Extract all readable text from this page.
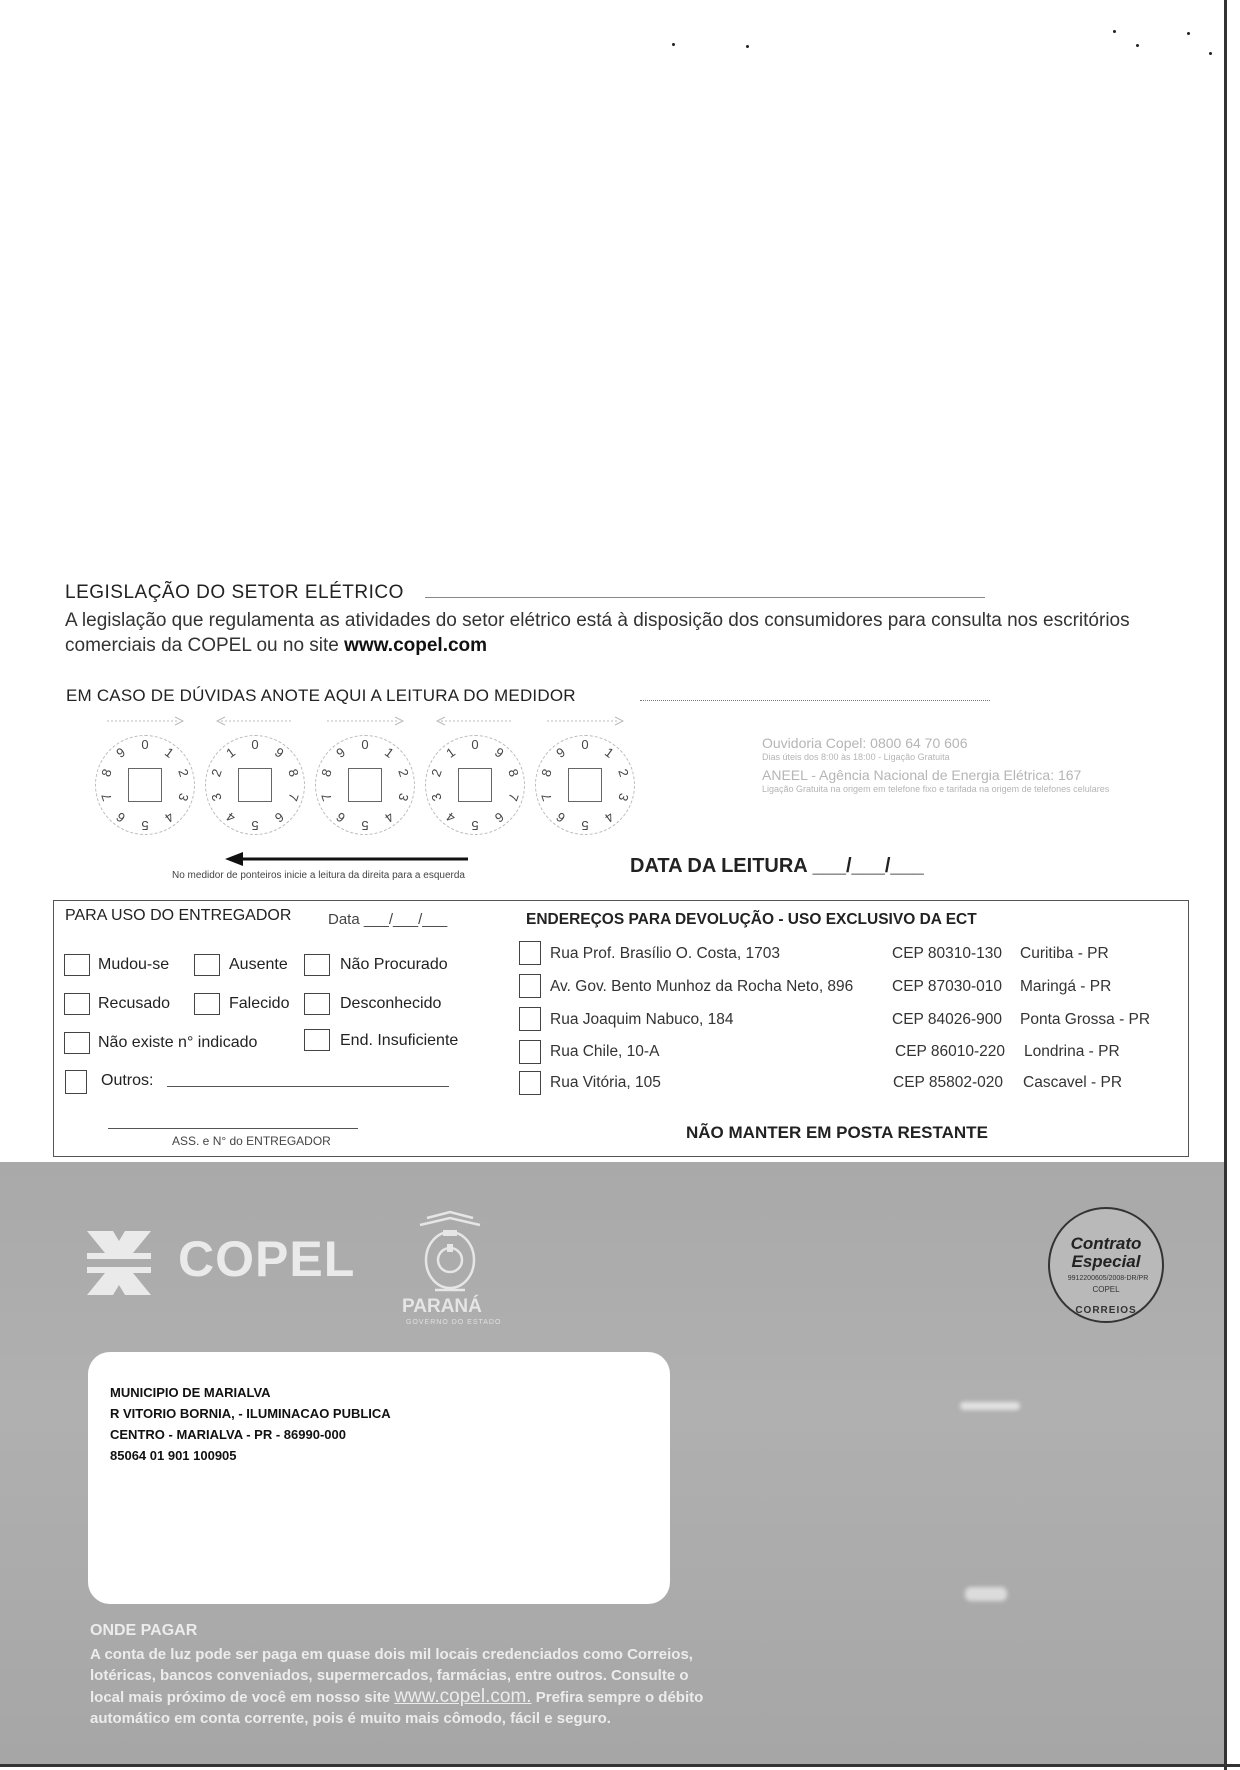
LEGISLAÇÃO DO SETOR ELÉTRICO
A legislação que regulamenta as atividades do setor elétrico está à disposição dos consumidores para consulta nos escritórios comerciais da COPEL ou no site www.copel.com
EM CASO DE DÚVIDAS ANOTE AQUI A LEITURA DO MEDIDOR
0 1
2
3
4
5
6
7
8
9	0
1
2
3
4 5 6
7
8
9	0 1
2
3
4
5
6
7
8
9	0
1
2
3
4 5 6
7
8
9	0 1
2
3
4
5
6
7
8
9
No medidor de ponteiros inicie a leitura da direita para a esquerda
Ouvidoria Copel: 0800 64 70 606
Dias úteis dos 8:00 às 18:00 - Ligação Gratuita
ANEEL - Agência Nacional de Energia Elétrica: 167
Ligação Gratuita na origem em telefone fixo e tarifada na origem de telefones celulares
DATA DA LEITURA ___/___/___
PARA USO DO ENTREGADOR Data ___/___/___
Mudou-se	Ausente	Não Procurado
Recusado	Falecido	Desconhecido
Não existe n° indicado	End. Insuficiente
Outros:
ASS. e N° do ENTREGADOR
ENDEREÇOS PARA DEVOLUÇÃO - USO EXCLUSIVO DA ECT
Rua Prof. Brasílio O. Costa, 1703	CEP 80310-130 Curitiba - PR
Av. Gov. Bento Munhoz da Rocha Neto, 896 CEP 87030-010 Maringá - PR
Rua Joaquim Nabuco, 184	CEP 84026-900 Ponta Grossa - PR
Rua Chile, 10-A	CEP 86010-220 Londrina - PR
Rua Vitória, 105	CEP 85802-020 Cascavel - PR
NÃO MANTER EM POSTA RESTANTE
COPEL
PARANÁ
GOVERNO DO ESTADO
Contrato
Especial
9912200605/2008-DR/PR
COPEL
CORREIOS
MUNICIPIO DE MARIALVA
R VITORIO BORNIA, - ILUMINACAO PUBLICA
CENTRO - MARIALVA - PR - 86990-000
85064 01 901 100905
ONDE PAGAR
A conta de luz pode ser paga em quase dois mil locais credenciados como Correios, lotéricas, bancos conveniados, supermercados, farmácias, entre outros. Consulte o local mais próximo de você em nosso site www.copel.com. Prefira sempre o débito automático em conta corrente, pois é muito mais cômodo, fácil e seguro.
